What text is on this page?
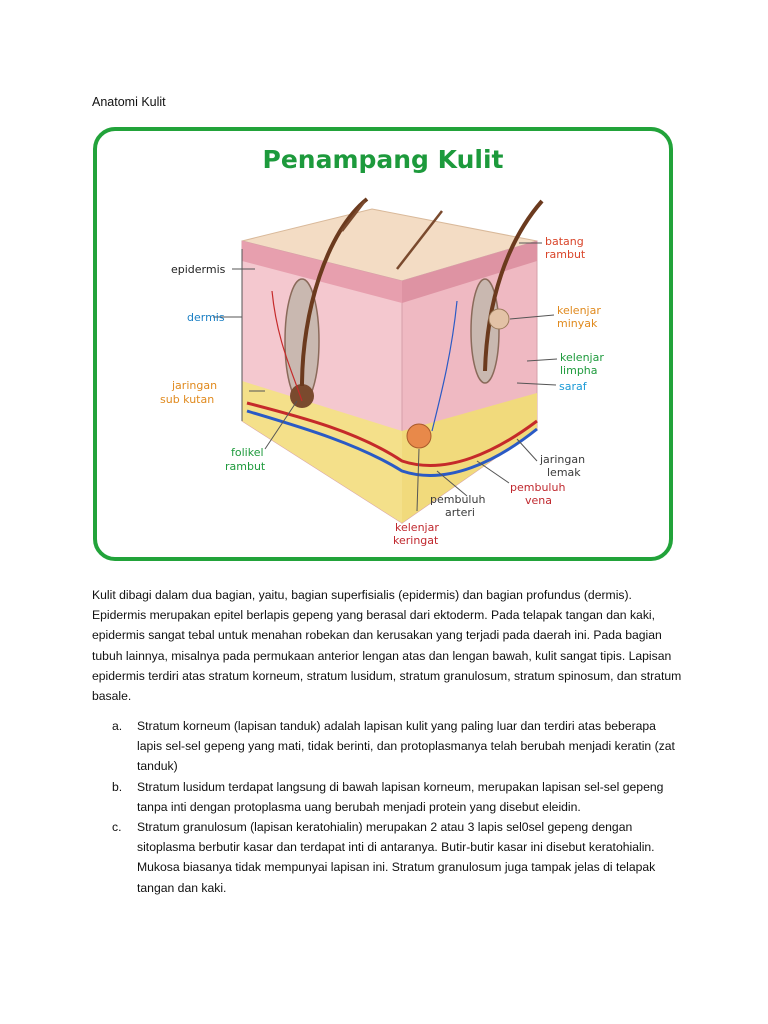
Anatomi Kulit
Penampang Kulit
epidermis
dermis
jaringan
sub kutan
folikel
rambut
batang
rambut
kelenjar
minyak
kelenjar
limpha
saraf
jaringan
lemak
pembuluh
vena
pembuluh
arteri
kelenjar
keringat

Kulit dibagi dalam dua bagian, yaitu, bagian superfisialis (epidermis) dan bagian profundus (dermis). Epidermis merupakan epitel berlapis gepeng yang berasal dari ektoderm. Pada telapak tangan dan kaki, epidermis sangat tebal untuk menahan robekan dan kerusakan yang terjadi pada daerah ini. Pada bagian tubuh lainnya, misalnya pada permukaan anterior lengan atas dan lengan bawah, kulit sangat tipis. Lapisan epidermis terdiri atas stratum korneum, stratum lusidum, stratum granulosum, stratum spinosum, dan stratum basale.

a. Stratum korneum (lapisan tanduk) adalah lapisan kulit yang paling luar dan terdiri atas beberapa lapis sel-sel gepeng yang mati, tidak berinti, dan protoplasmanya telah berubah menjadi keratin (zat tanduk)
b. Stratum lusidum terdapat langsung di bawah lapisan korneum, merupakan lapisan sel-sel gepeng tanpa inti dengan protoplasma uang berubah menjadi protein yang disebut eleidin.
c. Stratum granulosum (lapisan keratohialin) merupakan 2 atau 3 lapis sel0sel gepeng dengan sitoplasma berbutir kasar dan terdapat inti di antaranya. Butir-butir kasar ini disebut keratohialin. Mukosa biasanya tidak mempunyai lapisan ini. Stratum granulosum juga tampak jelas di telapak tangan dan kaki.
